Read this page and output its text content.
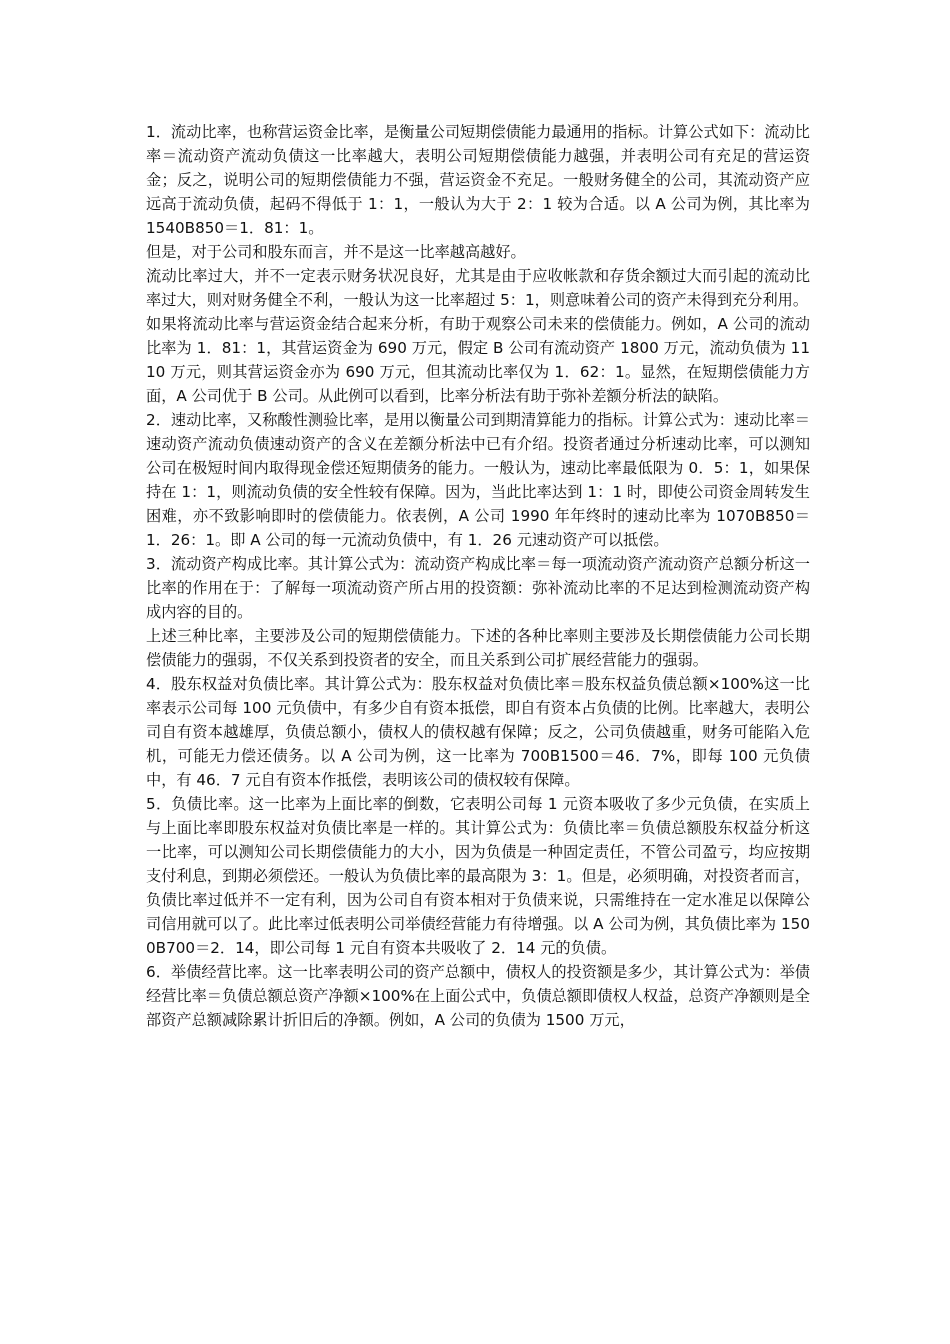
1．流动比率，也称营运资金比率，是衡量公司短期偿债能力最通用的指标。计算公式如下：流动比率＝流动资产流动负债这一比率越大，表明公司短期偿债能力越强，并表明公司有充足的营运资金；反之，说明公司的短期偿债能力不强，营运资金不充足。一般财务健全的公司，其流动资产应远高于流动负债，起码不得低于 1：1，一般认为大于 2：1 较为合适。以 A 公司为例，其比率为 1540B850＝1．81：1。

但是，对于公司和股东而言，并不是这一比率越高越好。

流动比率过大，并不一定表示财务状况良好，尤其是由于应收帐款和存货余额过大而引起的流动比率过大，则对财务健全不利，一般认为这一比率超过 5：1，则意味着公司的资产未得到充分利用。

如果将流动比率与营运资金结合起来分析，有助于观察公司未来的偿债能力。例如，A 公司的流动比率为 1．81：1，其营运资金为 690 万元，假定 B 公司有流动资产 1800 万元，流动负债为 1110 万元，则其营运资金亦为 690 万元，但其流动比率仅为 1．62：1。显然，在短期偿债能力方面，A 公司优于 B 公司。从此例可以看到，比率分析法有助于弥补差额分析法的缺陷。

2．速动比率，又称酸性测验比率，是用以衡量公司到期清算能力的指标。计算公式为：速动比率＝速动资产流动负债速动资产的含义在差额分析法中已有介绍。投资者通过分析速动比率，可以测知公司在极短时间内取得现金偿还短期债务的能力。一般认为，速动比率最低限为 0．5：1，如果保持在 1：1，则流动负债的安全性较有保障。因为，当此比率达到 1：1 时，即使公司资金周转发生困难，亦不致影响即时的偿债能力。依表例，A 公司 1990 年年终时的速动比率为 1070B850＝1．26：1。即 A 公司的每一元流动负债中，有 1．26 元速动资产可以抵偿。

3．流动资产构成比率。其计算公式为：流动资产构成比率＝每一项流动资产流动资产总额分析这一比率的作用在于：了解每一项流动资产所占用的投资额：弥补流动比率的不足达到检测流动资产构成内容的目的。

上述三种比率，主要涉及公司的短期偿债能力。下述的各种比率则主要涉及长期偿债能力公司长期偿债能力的强弱，不仅关系到投资者的安全，而且关系到公司扩展经营能力的强弱。

4．股东权益对负债比率。其计算公式为：股东权益对负债比率＝股东权益负债总额×100%这一比率表示公司每 100 元负债中，有多少自有资本抵偿，即自有资本占负债的比例。比率越大，表明公司自有资本越雄厚，负债总额小，债权人的债权越有保障；反之，公司负债越重，财务可能陷入危机，可能无力偿还债务。以 A 公司为例，这一比率为 700B1500＝46．7%，即每 100 元负债中，有 46．7 元自有资本作抵偿，表明该公司的债权较有保障。

5．负债比率。这一比率为上面比率的倒数，它表明公司每 1 元资本吸收了多少元负债，在实质上与上面比率即股东权益对负债比率是一样的。其计算公式为：负债比率＝负债总额股东权益分析这一比率，可以测知公司长期偿债能力的大小，因为负债是一种固定责任，不管公司盈亏，均应按期支付利息，到期必须偿还。一般认为负债比率的最高限为 3：1。但是，必须明确，对投资者而言，负债比率过低并不一定有利，因为公司自有资本相对于负债来说，只需维持在一定水准足以保障公司信用就可以了。此比率过低表明公司举债经营能力有待增强。以 A 公司为例，其负债比率为 1500B700＝2．14，即公司每 1 元自有资本共吸收了 2．14 元的负债。

6．举债经营比率。这一比率表明公司的资产总额中，债权人的投资额是多少，其计算公式为：举债经营比率＝负债总额总资产净额×100%在上面公式中，负债总额即债权人权益，总资产净额则是全部资产总额减除累计折旧后的净额。例如，A 公司的负债为 1500 万元，
